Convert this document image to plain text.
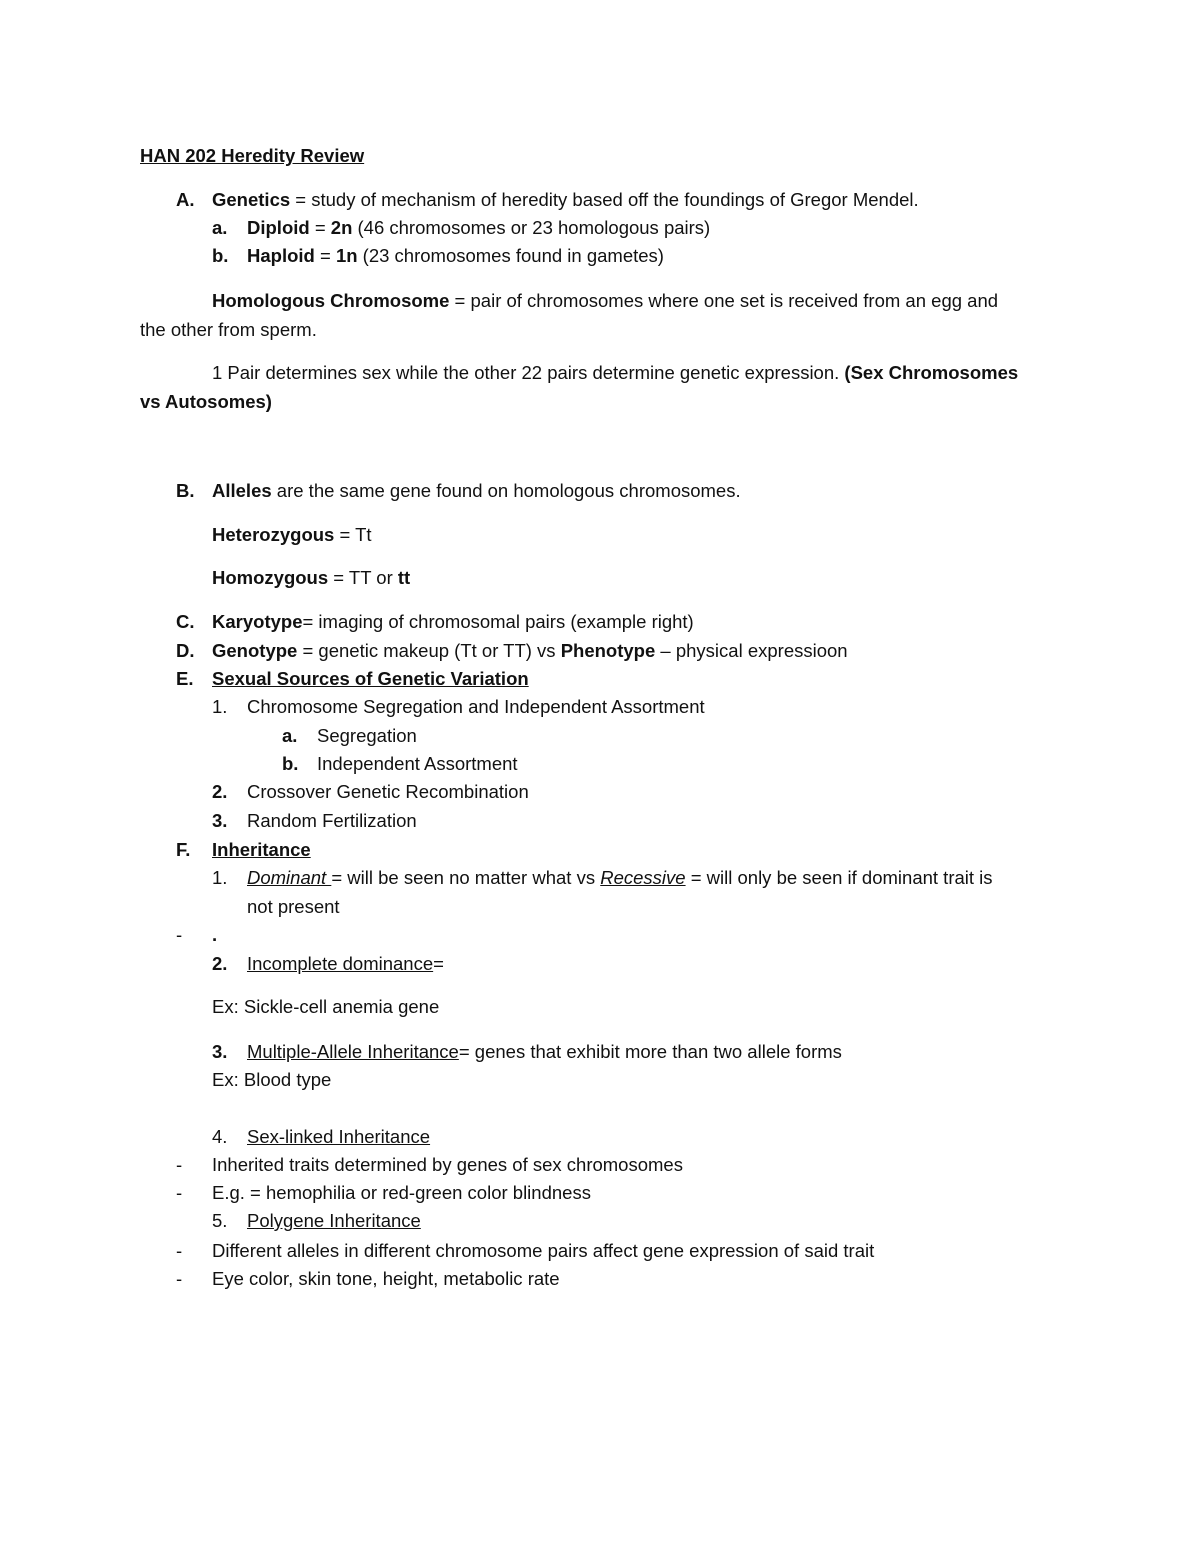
HAN 202 Heredity Review
A. Genetics = study of mechanism of heredity based off the foundings of Gregor Mendel.
a. Diploid = 2n (46 chromosomes or 23 homologous pairs)
b. Haploid = 1n (23 chromosomes found in gametes)
Homologous Chromosome = pair of chromosomes where one set is received from an egg and
the other from sperm.
1 Pair determines sex while the other 22 pairs determine genetic expression. (Sex Chromosomes
vs Autosomes)
B. Alleles are the same gene found on homologous chromosomes.
Heterozygous = Tt
Homozygous = TT or tt
C. Karyotype= imaging of chromosomal pairs (example right)
D. Genotype = genetic makeup (Tt or TT) vs Phenotype – physical expressioon
E. Sexual Sources of Genetic Variation
1. Chromosome Segregation and Independent Assortment
a. Segregation
b. Independent Assortment
2. Crossover Genetic Recombination
3. Random Fertilization
F. Inheritance
1. Dominant = will be seen no matter what vs Recessive = will only be seen if dominant trait is
not present
- .
2. Incomplete dominance=
Ex: Sickle-cell anemia gene
3. Multiple-Allele Inheritance= genes that exhibit more than two allele forms
Ex: Blood type
4. Sex-linked Inheritance
- Inherited traits determined by genes of sex chromosomes
- E.g. = hemophilia or red-green color blindness
5. Polygene Inheritance
- Different alleles in different chromosome pairs affect gene expression of said trait
- Eye color, skin tone, height, metabolic rate
